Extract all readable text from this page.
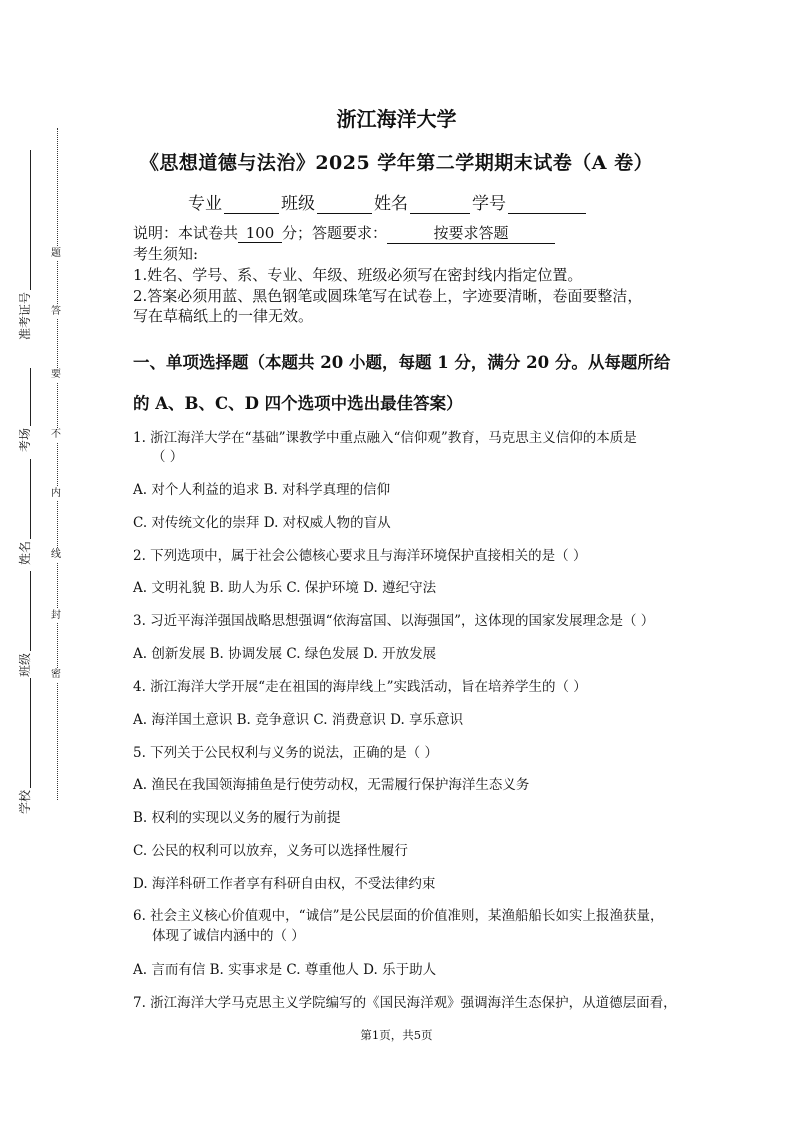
题
答
要
不
内
线
封
密
准考证号
考场
姓名
班级
学校
浙江海洋大学
《思想道德与法治》2025 学年第二学期期末试卷（A 卷）
专业	班级	姓名	学号
说明：本试卷共 100 分；答题要求：	按要求答题
考生须知:
1.姓名、学号、系、专业、年级、班级必须写在密封线内指定位置。
2.答案必须用蓝、黑色钢笔或圆珠笔写在试卷上，字迹要清晰，卷面要整洁，
写在草稿纸上的一律无效。
一、单项选择题（本题共 20 小题，每题 1 分，满分 20 分。从每题所给
的 A、B、C、D 四个选项中选出最佳答案）
1. 浙江海洋大学在“基础”课教学中重点融入“信仰观”教育，马克思主义信仰的本质是
（ ）
A. 对个人利益的追求 B. 对科学真理的信仰
C. 对传统文化的崇拜 D. 对权威人物的盲从
2. 下列选项中，属于社会公德核心要求且与海洋环境保护直接相关的是（ ）
A. 文明礼貌 B. 助人为乐 C. 保护环境 D. 遵纪守法
3. 习近平海洋强国战略思想强调“依海富国、以海强国”，这体现的国家发展理念是（ ）
A. 创新发展 B. 协调发展 C. 绿色发展 D. 开放发展
4. 浙江海洋大学开展“走在祖国的海岸线上”实践活动，旨在培养学生的（ ）
A. 海洋国土意识 B. 竞争意识 C. 消费意识 D. 享乐意识
5. 下列关于公民权利与义务的说法，正确的是（ ）
A. 渔民在我国领海捕鱼是行使劳动权，无需履行保护海洋生态义务
B. 权利的实现以义务的履行为前提
C. 公民的权利可以放弃，义务可以选择性履行
D. 海洋科研工作者享有科研自由权，不受法律约束
6. 社会主义核心价值观中，“诚信”是公民层面的价值准则，某渔船船长如实上报渔获量，
体现了诚信内涵中的（ ）
A. 言而有信 B. 实事求是 C. 尊重他人 D. 乐于助人
7. 浙江海洋大学马克思主义学院编写的《国民海洋观》强调海洋生态保护，从道德层面看，
第1页，共5页
